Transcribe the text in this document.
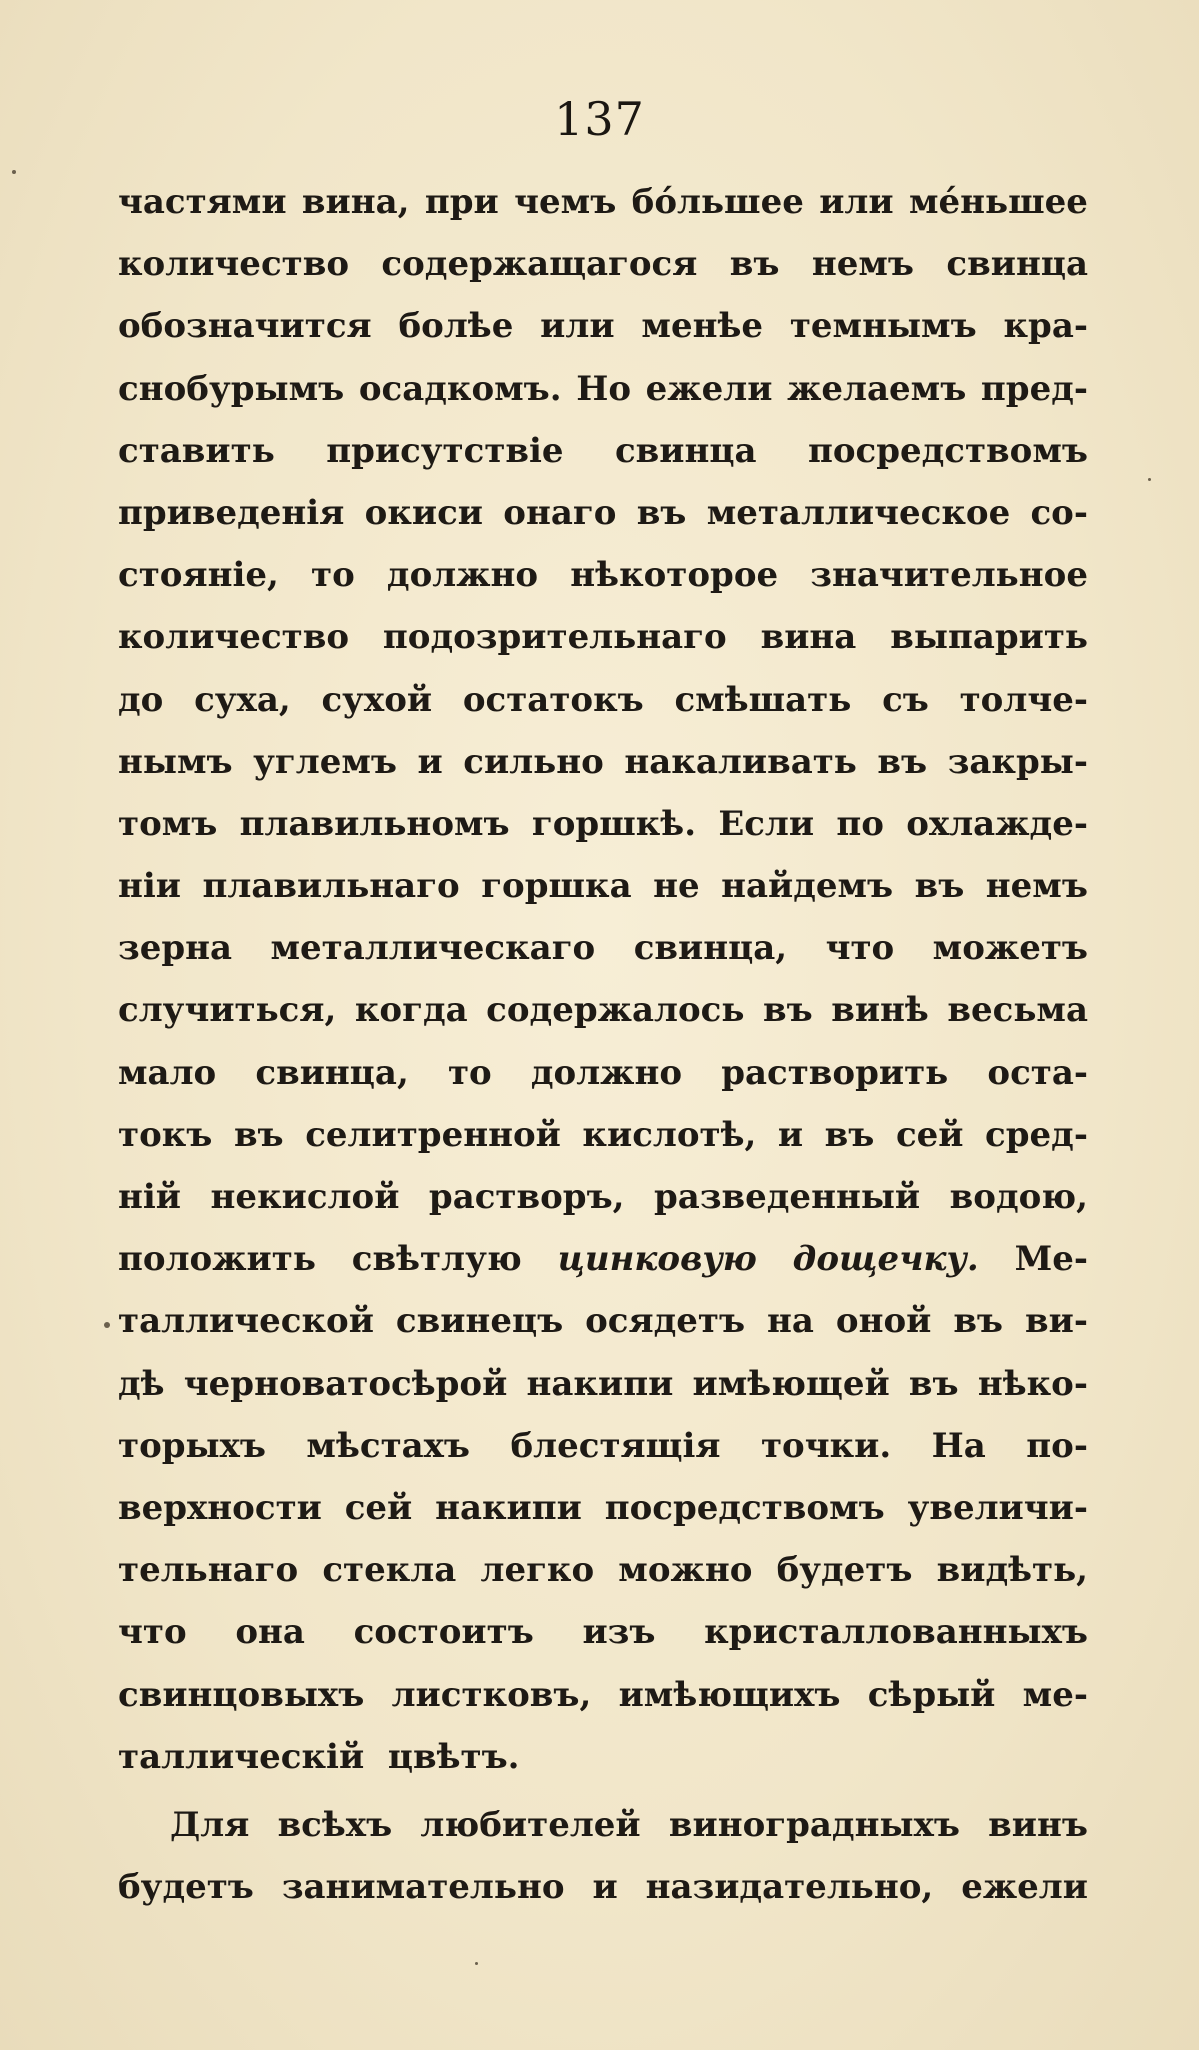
137
частями вина, при чемъ бо́льшее или ме́ньшее
количество содержащагося въ немъ свинца
обозначится болѣе или менѣе темнымъ кра-
снобурымъ осадкомъ. Но ежели желаемъ пред-
ставить присутствіе свинца посредствомъ
приведенія окиси онаго въ металлическое со-
стояніе, то должно нѣкоторое значительное
количество подозрительнаго вина выпарить
до суха, сухой остатокъ смѣшать съ толче-
нымъ углемъ и сильно накаливать въ закры-
томъ плавильномъ горшкѣ. Если по охлажде-
ніи плавильнаго горшка не найдемъ въ немъ
зерна металлическаго свинца, что можетъ
случиться, когда содержалось въ винѣ весьма
мало свинца, то должно растворить оста-
токъ въ селитренной кислотѣ, и въ сей сред-
ній некислой растворъ, разведенный водою,
положить свѣтлую цинковую дощечку. Ме-
таллической свинецъ осядетъ на оной въ ви-
дѣ черноватосѣрой накипи имѣющей въ нѣко-
торыхъ мѣстахъ блестящія точки. На по-
верхности сей накипи посредствомъ увеличи-
тельнаго стекла легко можно будетъ видѣть,
что она состоитъ изъ кристаллованныхъ
свинцовыхъ листковъ, имѣющихъ сѣрый ме-
таллическій
цвѣтъ.
Для всѣхъ любителей виноградныхъ винъ
будетъ занимательно и назидательно, ежели
